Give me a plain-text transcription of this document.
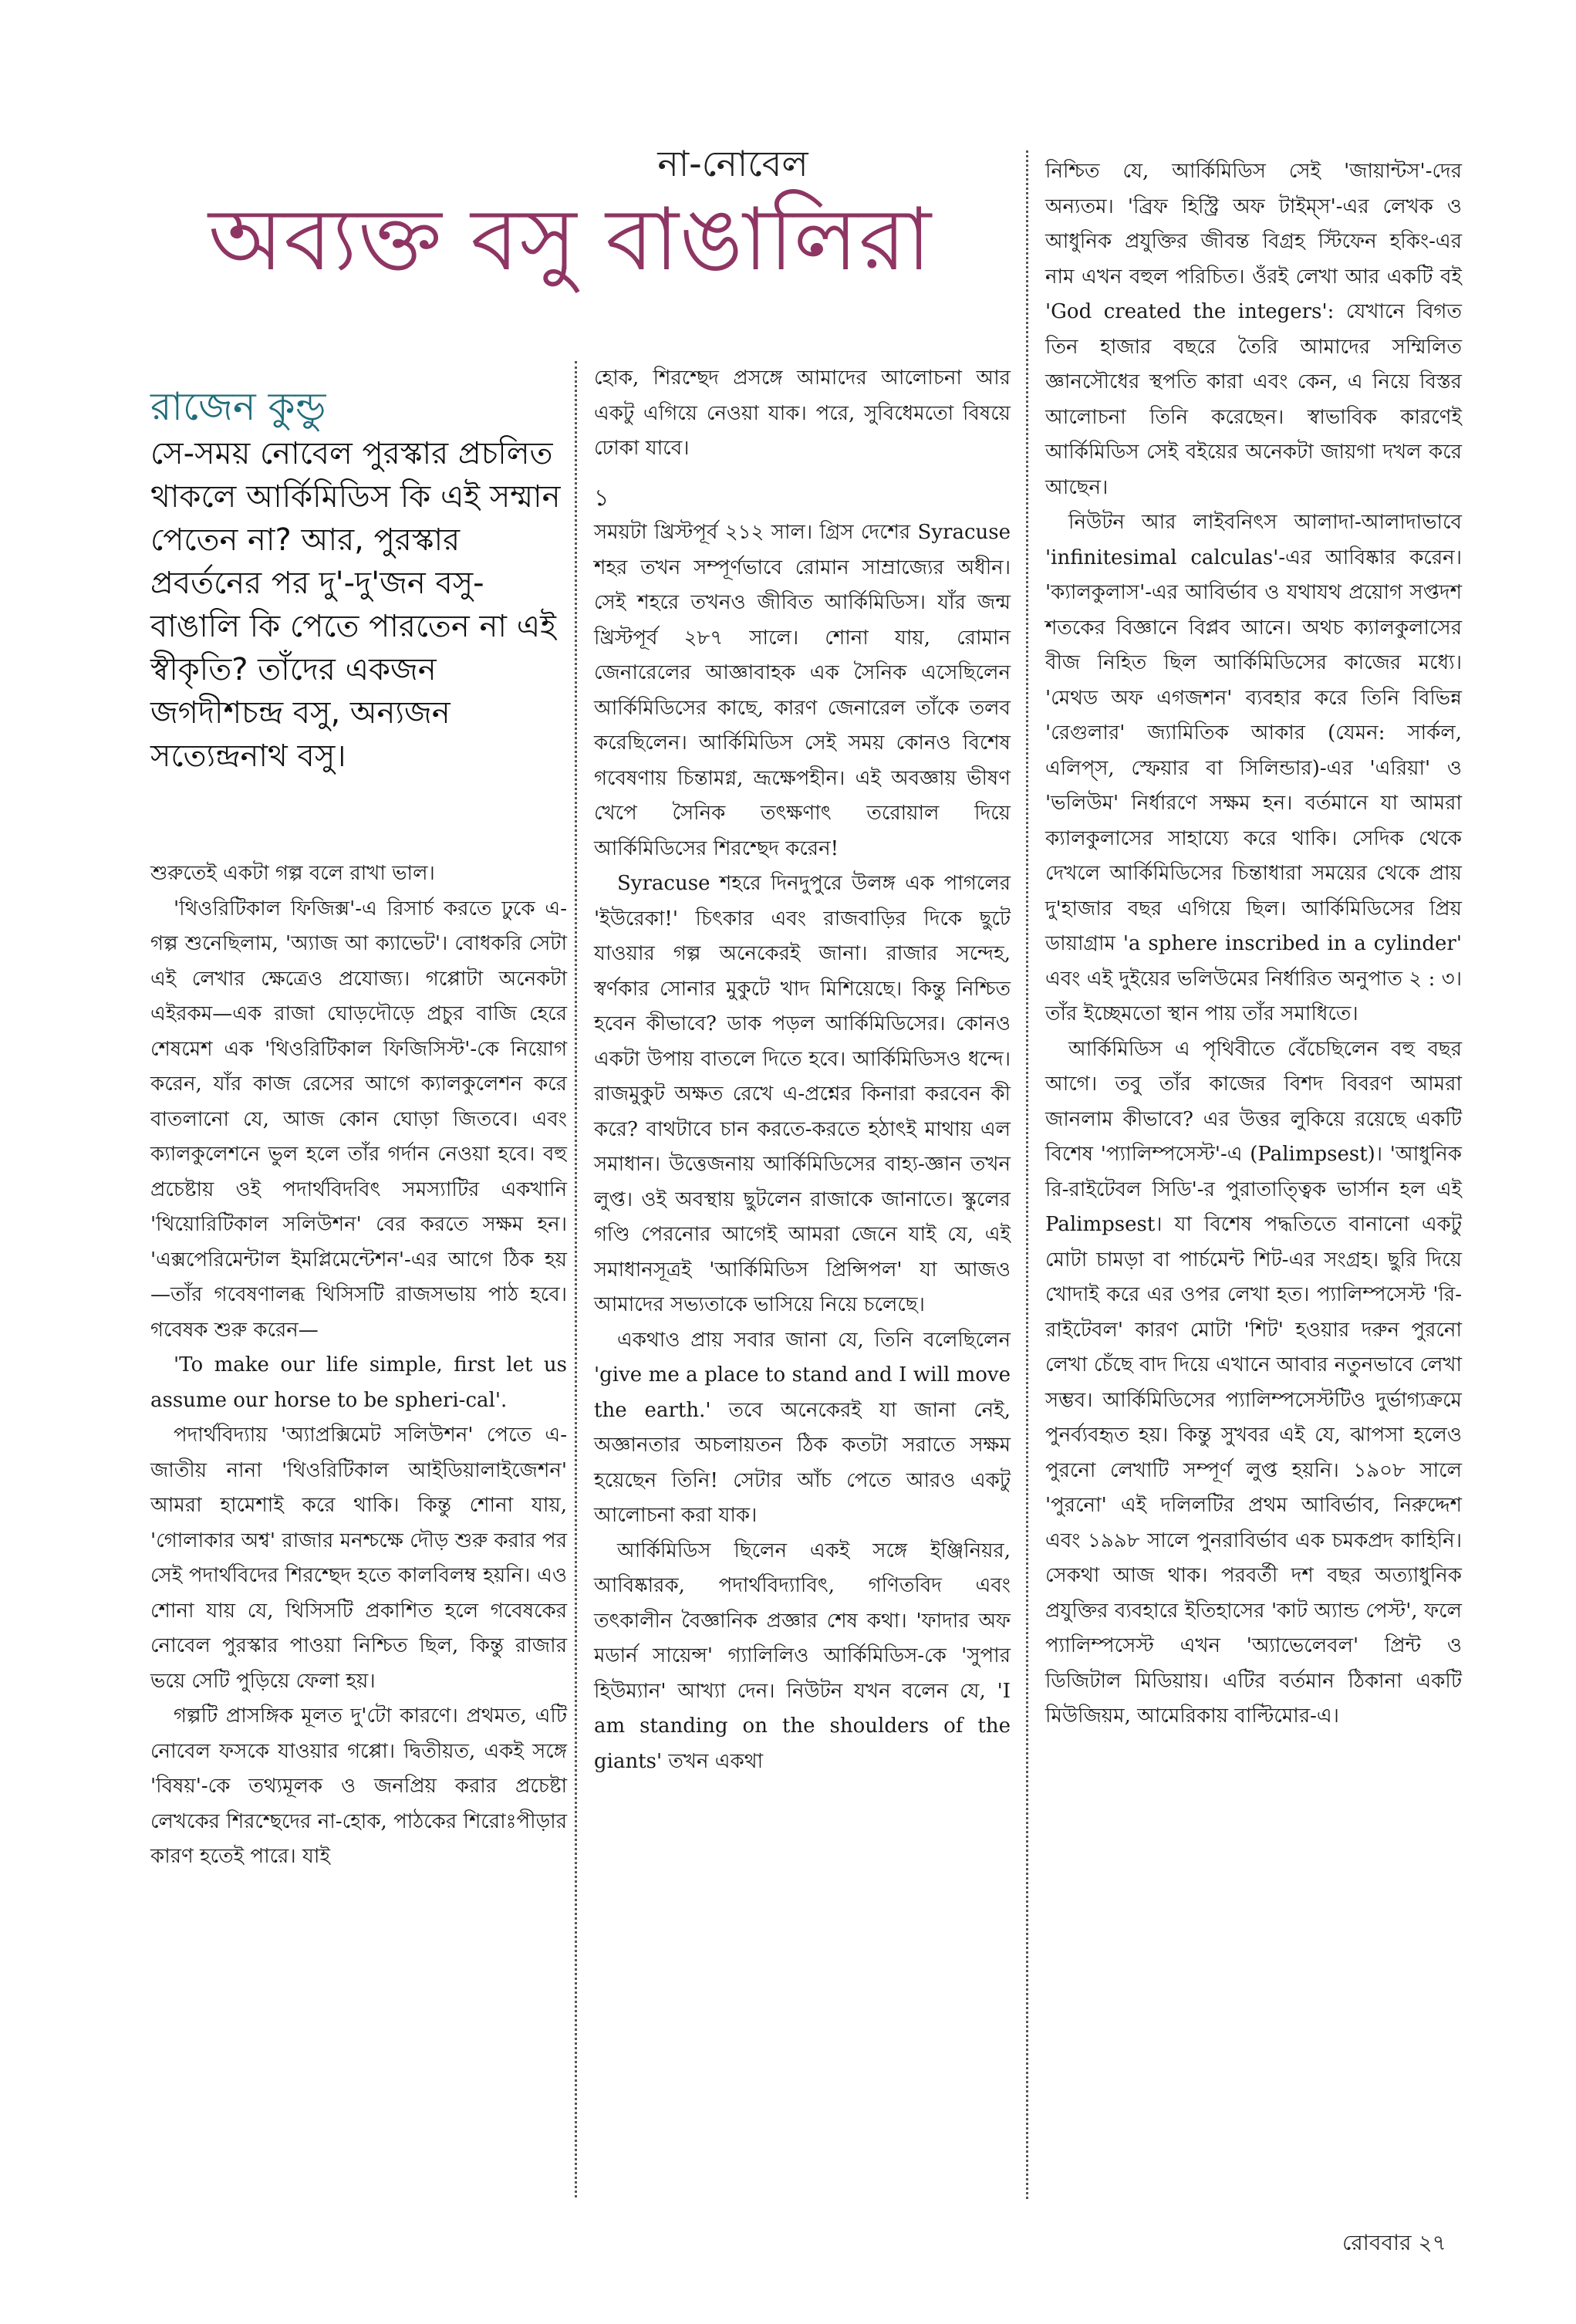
না-নোবেল
অব্যক্ত বসু বাঙালিরা
রাজেন কুন্ডু
সে-সময় নোবেল পুরস্কার প্রচলিত থাকলে আর্কিমিডিস কি এই সম্মান পেতেন না? আর, পুরস্কার প্রবর্তনের পর দু'-দু'জন বসু-বাঙালি কি পেতে পারতেন না এই স্বীকৃতি? তাঁদের একজন জগদীশচন্দ্র বসু, অন্যজন সত্যেন্দ্রনাথ বসু।

শুরুতেই একটা গল্প বলে রাখা ভাল।

'থিওরিটিকাল ফিজিক্স'-এ রিসার্চ করতে ঢুকে এ-গল্প শুনেছিলাম, 'অ্যাজ আ ক্যাভেট'। বোধকরি সেটা এই লেখার ক্ষেত্রেও প্রযোজ্য। গপ্পোটা অনেকটা এইরকম—এক রাজা ঘোড়দৌড়ে প্রচুর বাজি হেরে শেষমেশ এক 'থিওরিটিকাল ফিজিসিস্ট'-কে নিয়োগ করেন, যাঁর কাজ রেসের আগে ক্যালকুলেশন করে বাতলানো যে, আজ কোন ঘোড়া জিতবে। এবং ক্যালকুলেশনে ভুল হলে তাঁর গর্দান নেওয়া হবে। বহু প্রচেষ্টায় ওই পদার্থবিদবিৎ সমস্যাটির একখানি 'থিয়োরিটিকাল সলিউশন' বের করতে সক্ষম হন। 'এক্সপেরিমেন্টাল ইমপ্লিমেন্টেশন'-এর আগে ঠিক হয়—তাঁর গবেষণালব্ধ থিসিসটি রাজসভায় পাঠ হবে। গবেষক শুরু করেন—

'To make our life simple, first let us assume our horse to be spheri-cal'.

পদার্থবিদ্যায় 'অ্যাপ্রক্সিমেট সলিউশন' পেতে এ-জাতীয় নানা 'থিওরিটিকাল আইডিয়ালাইজেশন' আমরা হামেশাই করে থাকি। কিন্তু শোনা যায়, 'গোলাকার অশ্ব' রাজার মনশ্চক্ষে দৌড় শুরু করার পর সেই পদার্থবিদের শিরশ্ছেদ হতে কালবিলম্ব হয়নি। এও শোনা যায় যে, থিসিসটি প্রকাশিত হলে গবেষকের নোবেল পুরস্কার পাওয়া নিশ্চিত ছিল, কিন্তু রাজার ভয়ে সেটি পুড়িয়ে ফেলা হয়।

গল্পটি প্রাসঙ্গিক মূলত দু'টো কারণে। প্রথমত, এটি নোবেল ফসকে যাওয়ার গপ্পো। দ্বিতীয়ত, একই সঙ্গে 'বিষয়'-কে তথ্যমূলক ও জনপ্রিয় করার প্রচেষ্টা লেখকের শিরশ্ছেদের না-হোক, পাঠকের শিরোঃপীড়ার কারণ হতেই পারে। যাই

হোক, শিরশ্ছেদ প্রসঙ্গে আমাদের আলোচনা আর একটু এগিয়ে নেওয়া যাক। পরে, সুবিধেমতো বিষয়ে ঢোকা যাবে।

১

সময়টা খ্রিস্টপূর্ব ২১২ সাল। গ্রিস দেশের Syracuse শহর তখন সম্পূর্ণভাবে রোমান সাম্রাজ্যের অধীন। সেই শহরে তখনও জীবিত আর্কিমিডিস। যাঁর জন্ম খ্রিস্টপূর্ব ২৮৭ সালে। শোনা যায়, রোমান জেনারেলের আজ্ঞাবাহক এক সৈনিক এসেছিলেন আর্কিমিডিসের কাছে, কারণ জেনারেল তাঁকে তলব করেছিলেন। আর্কিমিডিস সেই সময় কোনও বিশেষ গবেষণায় চিন্তামগ্ন, ভ্রূক্ষেপহীন। এই অবজ্ঞায় ভীষণ খেপে সৈনিক তৎক্ষণাৎ তরোয়াল দিয়ে আর্কিমিডিসের শিরশ্ছেদ করেন!

Syracuse শহরে দিনদুপুরে উলঙ্গ এক পাগলের 'ইউরেকা!' চিৎকার এবং রাজবাড়ির দিকে ছুটে যাওয়ার গল্প অনেকেরই জানা। রাজার সন্দেহ, স্বর্ণকার সোনার মুকুটে খাদ মিশিয়েছে। কিন্তু নিশ্চিত হবেন কীভাবে? ডাক পড়ল আর্কিমিডিসের। কোনও একটা উপায় বাতলে দিতে হবে। আর্কিমিডিসও ধন্দে। রাজমুকুট অক্ষত রেখে এ-প্রশ্নের কিনারা করবেন কী করে? বাথটাবে চান করতে-করতে হঠাৎই মাথায় এল সমাধান। উত্তেজনায় আর্কিমিডিসের বাহ্য-জ্ঞান তখন লুপ্ত। ওই অবস্থায় ছুটলেন রাজাকে জানাতে। স্কুলের গণ্ডি পেরনোর আগেই আমরা জেনে যাই যে, এই সমাধানসূত্রই 'আর্কিমিডিস প্রিন্সিপল' যা আজও আমাদের সভ্যতাকে ভাসিয়ে নিয়ে চলেছে।

একথাও প্রায় সবার জানা যে, তিনি বলেছিলেন 'give me a place to stand and I will move the earth.' তবে অনেকেরই যা জানা নেই, অজ্ঞানতার অচলায়তন ঠিক কতটা সরাতে সক্ষম হয়েছেন তিনি! সেটার আঁচ পেতে আরও একটু আলোচনা করা যাক।

আর্কিমিডিস ছিলেন একই সঙ্গে ইঞ্জিনিয়র, আবিষ্কারক, পদার্থবিদ্যাবিৎ, গণিতবিদ এবং তৎকালীন বৈজ্ঞানিক প্রজ্ঞার শেষ কথা। 'ফাদার অফ মডার্ন সায়েন্স' গ্যালিলিও আর্কিমিডিস-কে 'সুপার হিউম্যান' আখ্যা দেন। নিউটন যখন বলেন যে, 'I am standing on the shoulders of the giants' তখন একথা

নিশ্চিত যে, আর্কিমিডিস সেই 'জায়ান্টস'-দের অন্যতম। 'ব্রিফ হিস্ট্রি অফ টাইম্‌স'-এর লেখক ও আধুনিক প্রযুক্তির জীবন্ত বিগ্রহ স্টিফেন হকিং-এর নাম এখন বহুল পরিচিত। ওঁরই লেখা আর একটি বই 'God created the integers': যেখানে বিগত তিন হাজার বছরে তৈরি আমাদের সম্মিলিত জ্ঞানসৌধের স্থপতি কারা এবং কেন, এ নিয়ে বিস্তর আলোচনা তিনি করেছেন। স্বাভাবিক কারণেই আর্কিমিডিস সেই বইয়ের অনেকটা জায়গা দখল করে আছেন।

নিউটন আর লাইবনিৎস আলাদা-আলাদাভাবে 'infinitesimal calculas'-এর আবিষ্কার করেন। 'ক্যালকুলাস'-এর আবির্ভাব ও যথাযথ প্রয়োগ সপ্তদশ শতকের বিজ্ঞানে বিপ্লব আনে। অথচ ক্যালকুলাসের বীজ নিহিত ছিল আর্কিমিডিসের কাজের মধ্যে। 'মেথড অফ এগজশন' ব্যবহার করে তিনি বিভিন্ন 'রেগুলার' জ্যামিতিক আকার (যেমন: সার্কল, এলিপ্‌স, স্ফেয়ার বা সিলিন্ডার)-এর 'এরিয়া' ও 'ভলিউম' নির্ধারণে সক্ষম হন। বর্তমানে যা আমরা ক্যালকুলাসের সাহায্যে করে থাকি। সেদিক থেকে দেখলে আর্কিমিডিসের চিন্তাধারা সময়ের থেকে প্রায় দু'হাজার বছর এগিয়ে ছিল। আর্কিমিডিসের প্রিয় ডায়াগ্রাম 'a sphere inscribed in a cylinder' এবং এই দুইয়ের ভলিউমের নির্ধারিত অনুপাত ২ : ৩। তাঁর ইচ্ছেমতো স্থান পায় তাঁর সমাধিতে।

আর্কিমিডিস এ পৃথিবীতে বেঁচেছিলেন বহু বছর আগে। তবু তাঁর কাজের বিশদ বিবরণ আমরা জানলাম কীভাবে? এর উত্তর লুকিয়ে রয়েছে একটি বিশেষ 'প্যালিম্পসেস্ট'-এ (Palimpsest)। 'আধুনিক রি-রাইটেবল সিডি'-র পুরাতাত্ত্বিক ভার্সান হল এই Palimpsest। যা বিশেষ পদ্ধতিতে বানানো একটু মোটা চামড়া বা পার্চমেন্ট শিট-এর সংগ্রহ। ছুরি দিয়ে খোদাই করে এর ওপর লেখা হত। প্যালিম্পসেস্ট 'রি-রাইটেবল' কারণ মোটা 'শিট' হওয়ার দরুন পুরনো লেখা চেঁছে বাদ দিয়ে এখানে আবার নতুনভাবে লেখা সম্ভব। আর্কিমিডিসের প্যালিম্পসেস্টটিও দুর্ভাগ্যক্রমে পুনর্ব্যবহৃত হয়। কিন্তু সুখবর এই যে, ঝাপসা হলেও পুরনো লেখাটি সম্পূর্ণ লুপ্ত হয়নি। ১৯০৮ সালে 'পুরনো' এই দলিলটির প্রথম আবির্ভাব, নিরুদ্দেশ এবং ১৯৯৮ সালে পুনরাবির্ভাব এক চমকপ্রদ কাহিনি। সেকথা আজ থাক। পরবর্তী দশ বছর অত্যাধুনিক প্রযুক্তির ব্যবহারে ইতিহাসের 'কাট অ্যান্ড পেস্ট', ফলে প্যালিম্পসেস্ট এখন 'অ্যাভেলেবল' প্রিন্ট ও ডিজিটাল মিডিয়ায়। এটির বর্তমান ঠিকানা একটি মিউজিয়ম, আমেরিকায় বাল্টিমোর-এ।

রোববার ২৭
